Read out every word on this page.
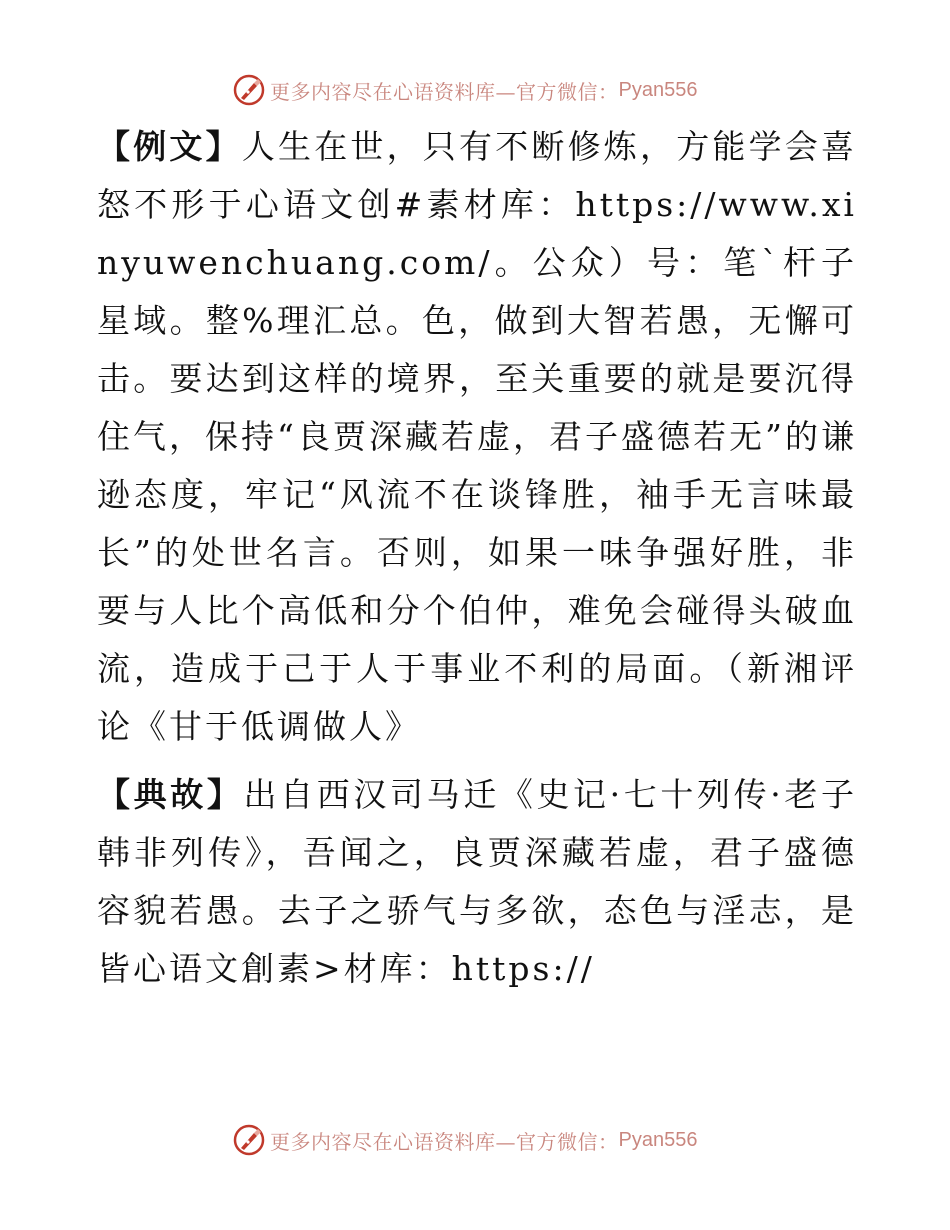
更多内容尽在心语资料库—官方微信： Pyan556

【例文】人生在世，只有不断修炼，方能学会喜怒不形于心语文创#素材库：https://www.xinyuwenchuang.com/。公众）号：笔`杆子星域。整%理汇总。色，做到大智若愚，无懈可击。要达到这样的境界，至关重要的就是要沉得住气，保持“良贾深藏若虚，君子盛德若无”的谦逊态度，牢记“风流不在谈锋胜，袖手无言味最长”的处世名言。否则，如果一味争强好胜，非要与人比个高低和分个伯仲，难免会碰得头破血流，造成于己于人于事业不利的局面。（新湘评论《甘于低调做人》

【典故】出自西汉司马迁《史记·七十列传·老子韩非列传》，吾闻之，良贾深藏若虚，君子盛德容貌若愚。去子之骄气与多欲，态色与淫志，是皆心语文創素>材库：https://

更多内容尽在心语资料库—官方微信： Pyan556
